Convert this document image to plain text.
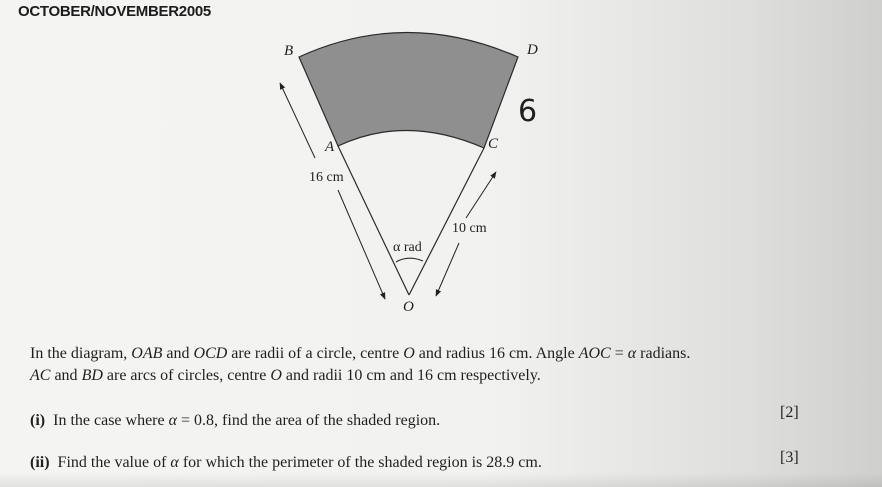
OCTOBER/NOVEMBER2005
B	D
A	C
O
16 cm
10 cm
α rad
6
In the diagram, OAB and OCD are radii of a circle, centre O and radius 16 cm. Angle AOC = α radians.
AC and BD are arcs of circles, centre O and radii 10 cm and 16 cm respectively.
(i) In the case where α = 0.8, find the area of the shaded region.	[2]
(ii) Find the value of α for which the perimeter of the shaded region is 28.9 cm.	[3]
